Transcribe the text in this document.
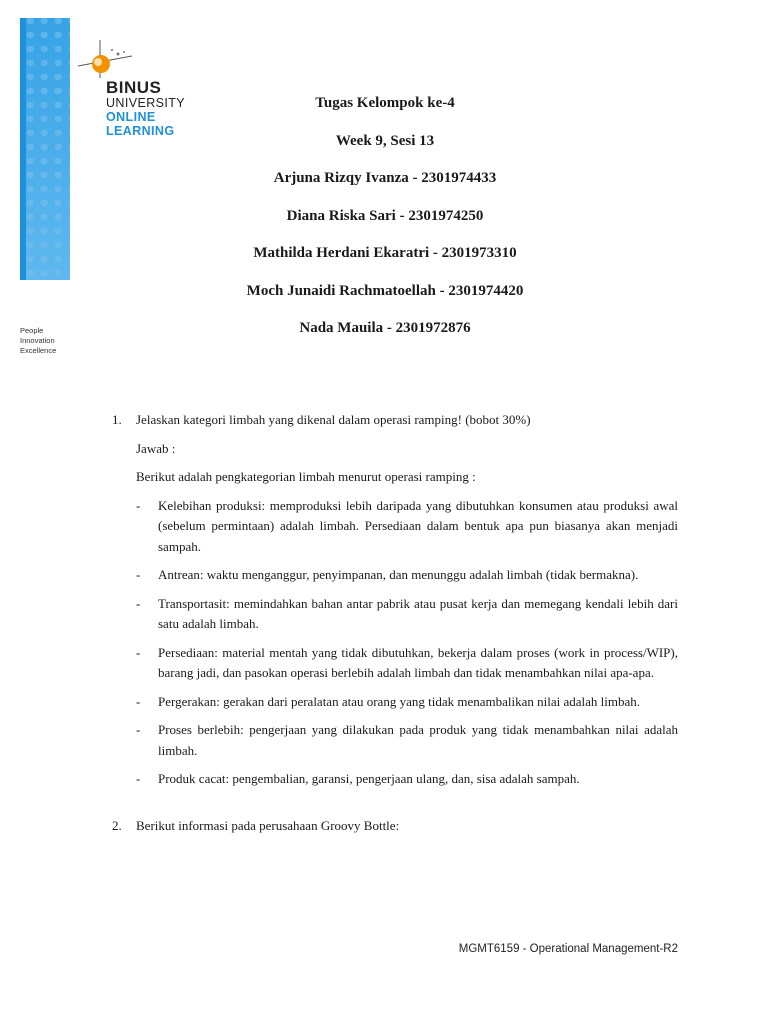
BINUS
UNIVERSITY
ONLINE
LEARNING
People
Innovation
Excellence
Tugas Kelompok ke-4
Week 9, Sesi 13
Arjuna Rizqy Ivanza - 2301974433
Diana Riska Sari - 2301974250
Mathilda Herdani Ekaratri - 2301973310
Moch Junaidi Rachmatoellah - 2301974420
Nada Mauila - 2301972876
1.	Jelaskan kategori limbah yang dikenal dalam operasi ramping! (bobot 30%)
Jawab :
Berikut adalah pengkategorian limbah menurut operasi ramping :
-	Kelebihan produksi: memproduksi lebih daripada yang dibutuhkan konsumen atau produksi awal (sebelum permintaan) adalah limbah. Persediaan dalam bentuk apa pun biasanya akan menjadi sampah.
-	Antrean: waktu menganggur, penyimpanan, dan menunggu adalah limbah (tidak bermakna).
-	Transportasit: memindahkan bahan antar pabrik atau pusat kerja dan memegang kendali lebih dari satu adalah limbah.
-	Persediaan: material mentah yang tidak dibutuhkan, bekerja dalam proses (work in process/WIP), barang jadi, dan pasokan operasi berlebih adalah limbah dan tidak menambahkan nilai apa-apa.
-	Pergerakan: gerakan dari peralatan atau orang yang tidak menambalikan nilai adalah limbah.
-	Proses berlebih: pengerjaan yang dilakukan pada produk yang tidak menambahkan nilai adalah limbah.
-	Produk cacat: pengembalian, garansi, pengerjaan ulang, dan, sisa adalah sampah.
2.	Berikut informasi pada perusahaan Groovy Bottle:
MGMT6159 - Operational Management-R2
